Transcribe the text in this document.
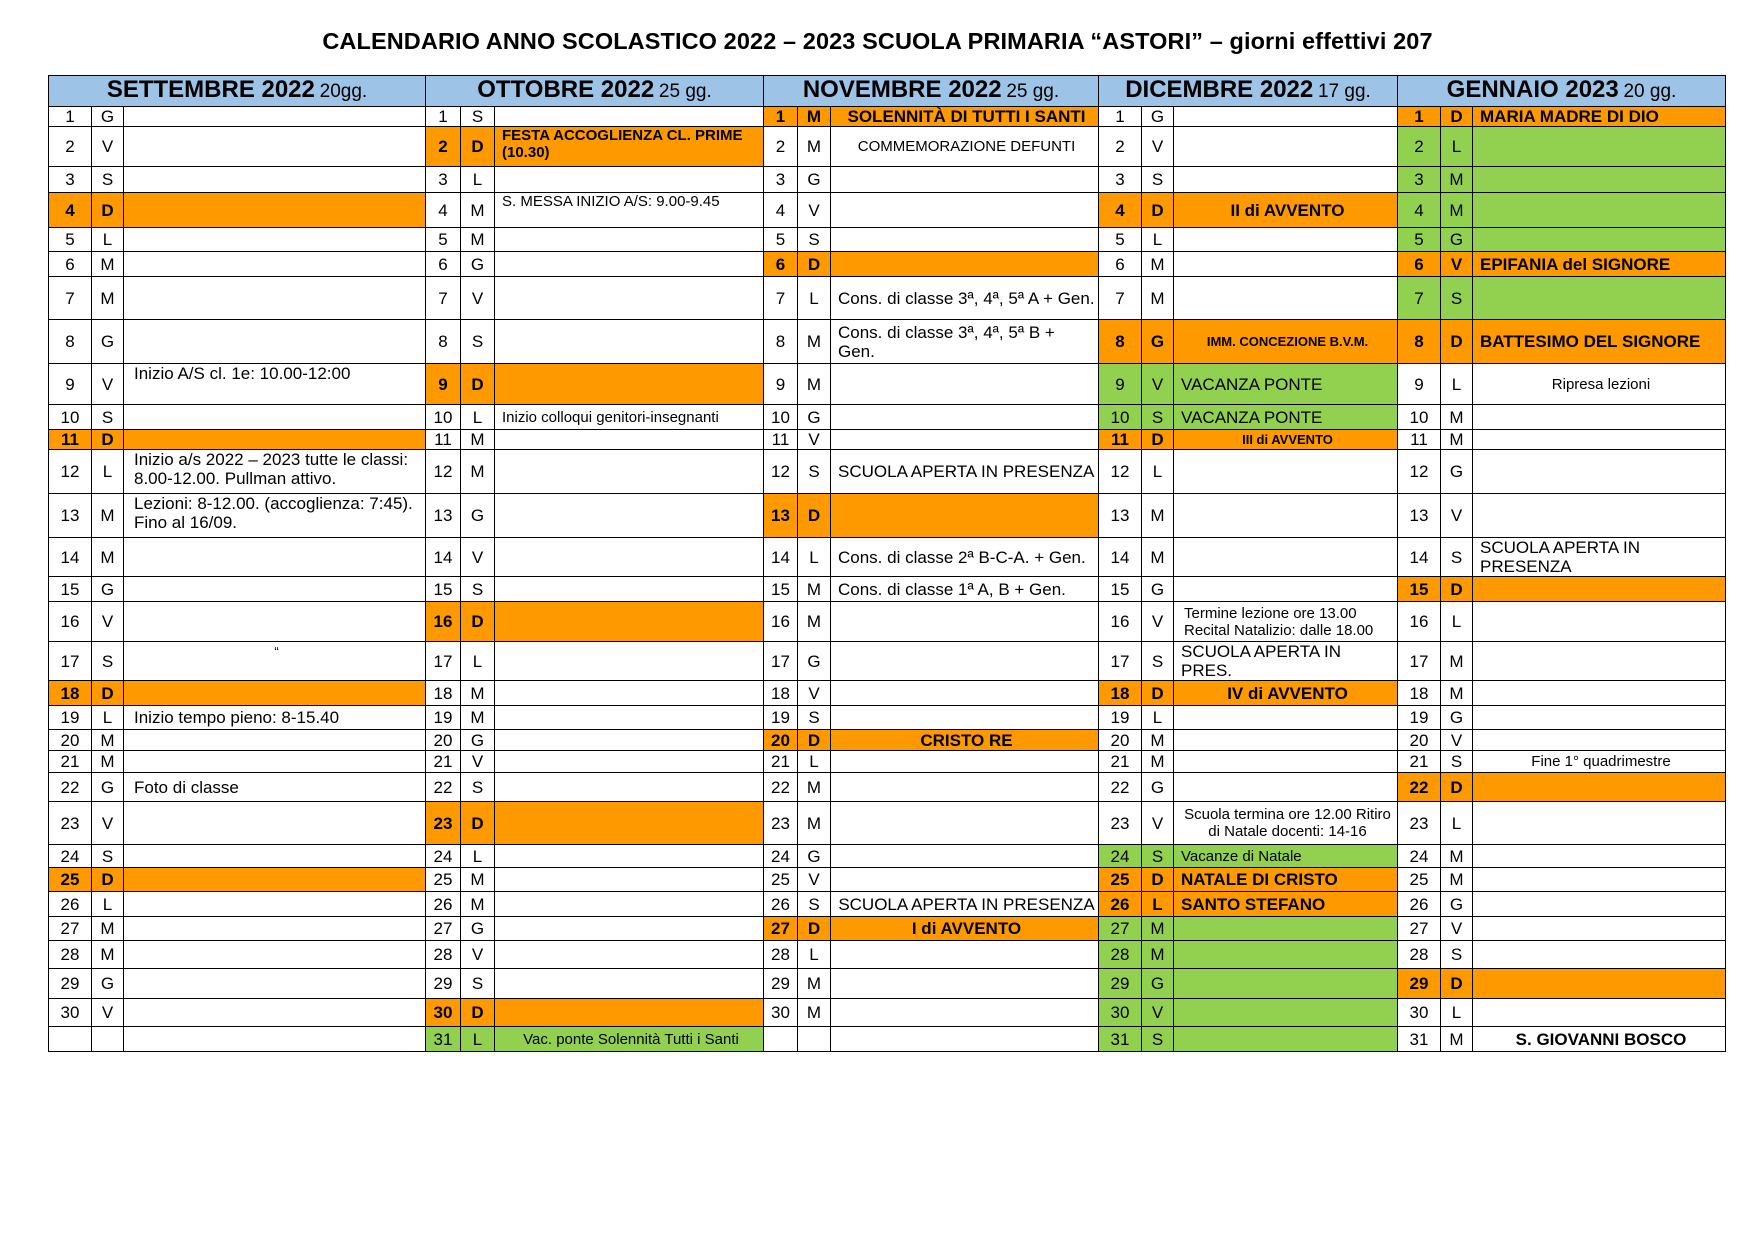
CALENDARIO ANNO SCOLASTICO 2022 – 2023 SCUOLA PRIMARIA “ASTORI” – giorni effettivi 207
SETTEMBRE 2022 20gg.			OTTOBRE 2022 25 gg.			NOVEMBRE 2022 25 gg.			DICEMBRE 2022 17 gg.			GENNAIO 2023 20 gg.		
1	G		1	S		1	M	SOLENNITÀ DI TUTTI I SANTI	1	G		1	D	MARIA MADRE DI DIO
2	V		2	D	FESTA ACCOGLIENZA CL. PRIME (10.30)	2	M	COMMEMORAZIONE DEFUNTI	2	V		2	L	
3	S		3	L		3	G		3	S		3	M	
4	D		4	M	S. MESSA INIZIO A/S: 9.00-9.45	4	V		4	D	II di AVVENTO	4	M	
5	L		5	M		5	S		5	L		5	G	
6	M		6	G		6	D		6	M		6	V	EPIFANIA del SIGNORE
7	M		7	V		7	L	Cons. di classe 3ª, 4ª, 5ª A + Gen.	7	M		7	S	
8	G		8	S		8	M	Cons. di classe 3ª, 4ª, 5ª B + Gen.	8	G	IMM. CONCEZIONE B.V.M.	8	D	BATTESIMO DEL SIGNORE
9	V	Inizio A/S cl. 1e: 10.00-12:00	9	D		9	M		9	V	VACANZA PONTE	9	L	Ripresa lezioni
10	S		10	L	Inizio colloqui genitori-insegnanti	10	G		10	S	VACANZA PONTE	10	M	
11	D		11	M		11	V		11	D	III di AVVENTO	11	M	
12	L	Inizio a/s 2022 – 2023 tutte le classi: 8.00-12.00. Pullman attivo.	12	M		12	S	SCUOLA APERTA IN PRESENZA	12	L		12	G	
13	M	Lezioni: 8-12.00. (accoglienza: 7:45). Fino al 16/09.	13	G		13	D		13	M		13	V	
14	M		14	V		14	L	Cons. di classe 2ª B-C-A. + Gen.	14	M		14	S	SCUOLA APERTA IN PRESENZA
15	G		15	S		15	M	Cons. di classe 1ª A, B + Gen.	15	G		15	D	
16	V		16	D		16	M		16	V	Termine lezione ore 13.00 Recital Natalizio: dalle 18.00	16	L	
17	S	“	17	L		17	G		17	S	SCUOLA APERTA IN PRES.	17	M	
18	D		18	M		18	V		18	D	IV di AVVENTO	18	M	
19	L	Inizio tempo pieno: 8-15.40	19	M		19	S		19	L		19	G	
20	M		20	G		20	D	CRISTO RE	20	M		20	V	
21	M		21	V		21	L		21	M		21	S	Fine 1° quadrimestre
22	G	Foto di classe	22	S		22	M		22	G		22	D	
23	V		23	D		23	M		23	V	Scuola termina ore 12.00 Ritiro di Natale docenti: 14-16	23	L	
24	S		24	L		24	G		24	S	Vacanze di Natale	24	M	
25	D		25	M		25	V		25	D	NATALE DI CRISTO	25	M	
26	L		26	M		26	S	SCUOLA APERTA IN PRESENZA	26	L	SANTO STEFANO	26	G	
27	M		27	G		27	D	I di AVVENTO	27	M		27	V	
28	M		28	V		28	L		28	M		28	S	
29	G		29	S		29	M		29	G		29	D	
30	V		30	D		30	M		30	V		30	L	
			31	L	Vac. ponte Solennità Tutti i Santi				31	S		31	M	S. GIOVANNI BOSCO
